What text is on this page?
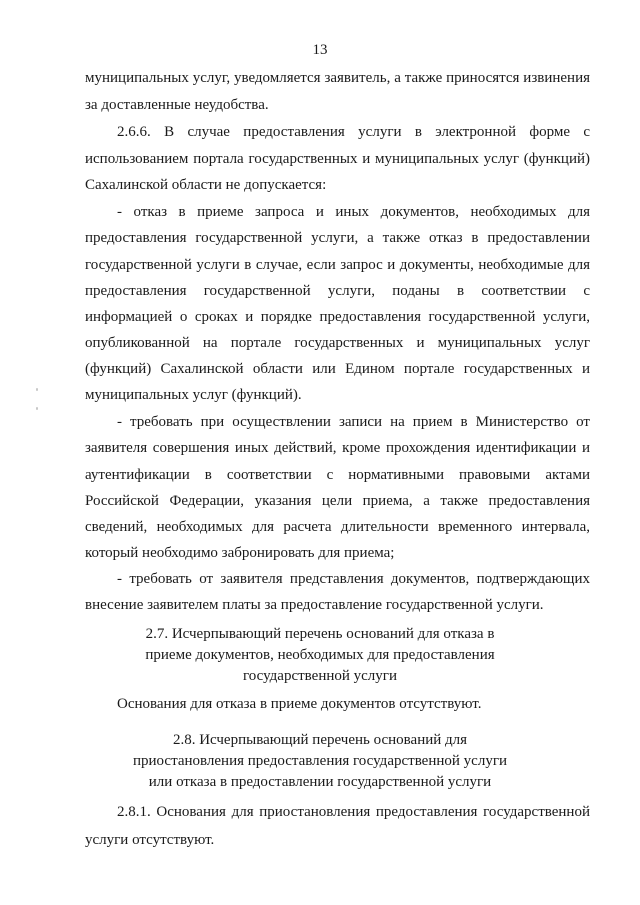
13
муниципальных услуг, уведомляется заявитель, а также приносятся извинения
за доставленные неудобства.
2.6.6. В случае предоставления услуги в электронной форме с
использованием портала государственных и муниципальных услуг (функций)
Сахалинской области не допускается:
- отказ в приеме запроса и иных документов, необходимых для
предоставления государственной услуги, а также отказ в предоставлении
государственной услуги в случае, если запрос и документы, необходимые для
предоставления государственной услуги, поданы в соответствии с
информацией о сроках и порядке предоставления государственной услуги,
опубликованной на портале государственных и муниципальных услуг
(функций) Сахалинской области или Едином портале государственных и
муниципальных услуг (функций).
- требовать при осуществлении записи на прием в Министерство от
заявителя совершения иных действий, кроме прохождения идентификации и
аутентификации в соответствии с нормативными правовыми актами
Российской Федерации, указания цели приема, а также предоставления
сведений, необходимых для расчета длительности временного интервала,
который необходимо забронировать для приема;
- требовать от заявителя представления документов, подтверждающих
внесение заявителем платы за предоставление государственной услуги.
2.7. Исчерпывающий перечень оснований для отказа в
приеме документов, необходимых для предоставления
государственной услуги
Основания для отказа в приеме документов отсутствуют.
2.8. Исчерпывающий перечень оснований для
приостановления предоставления государственной услуги
или отказа в предоставлении государственной услуги
2.8.1. Основания для приостановления предоставления государственной
услуги отсутствуют.
